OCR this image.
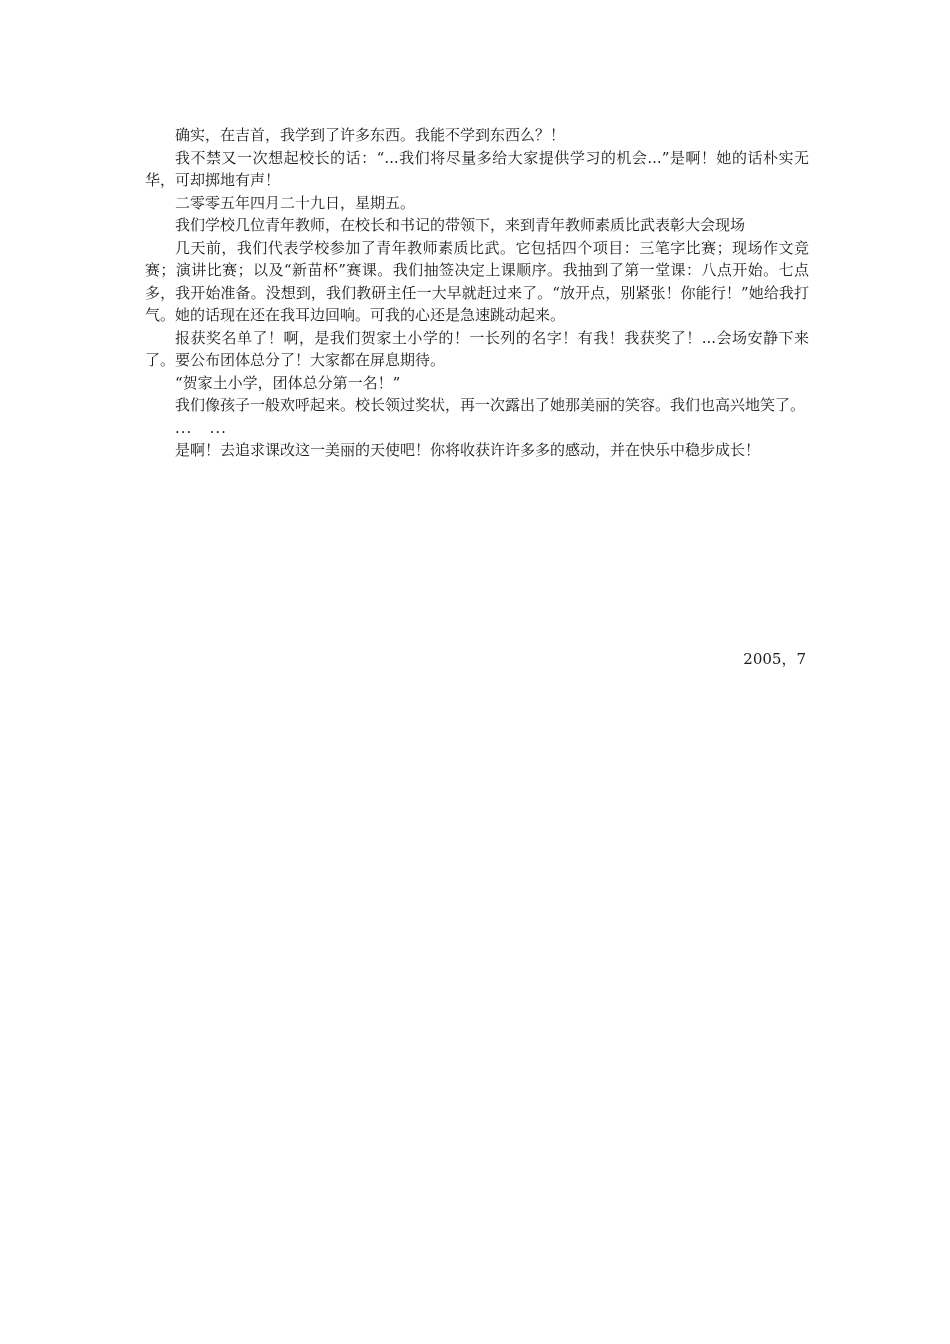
确实，在吉首，我学到了许多东西。我能不学到东西么？！

我不禁又一次想起校长的话：“...我们将尽量多给大家提供学习的机会...”是啊！她的话朴实无华，可却掷地有声！

二零零五年四月二十九日，星期五。

我们学校几位青年教师，在校长和书记的带领下，来到青年教师素质比武表彰大会现场

几天前，我们代表学校参加了青年教师素质比武。它包括四个项目：三笔字比赛；现场作文竞赛；演讲比赛；以及“新苗杯”赛课。我们抽签决定上课顺序。我抽到了第一堂课：八点开始。七点多，我开始准备。没想到，我们教研主任一大早就赶过来了。“放开点，别紧张！你能行！”她给我打气。她的话现在还在我耳边回响。可我的心还是急速跳动起来。

报获奖名单了！啊，是我们贺家土小学的！一长列的名字！有我！我获奖了！...会场安静下来了。要公布团体总分了！大家都在屏息期待。

“贺家土小学，团体总分第一名！”

我们像孩子一般欢呼起来。校长领过奖状，再一次露出了她那美丽的笑容。我们也高兴地笑了。

...   ...

是啊！去追求课改这一美丽的天使吧！你将收获许许多多的感动，并在快乐中稳步成长！

2005，7
